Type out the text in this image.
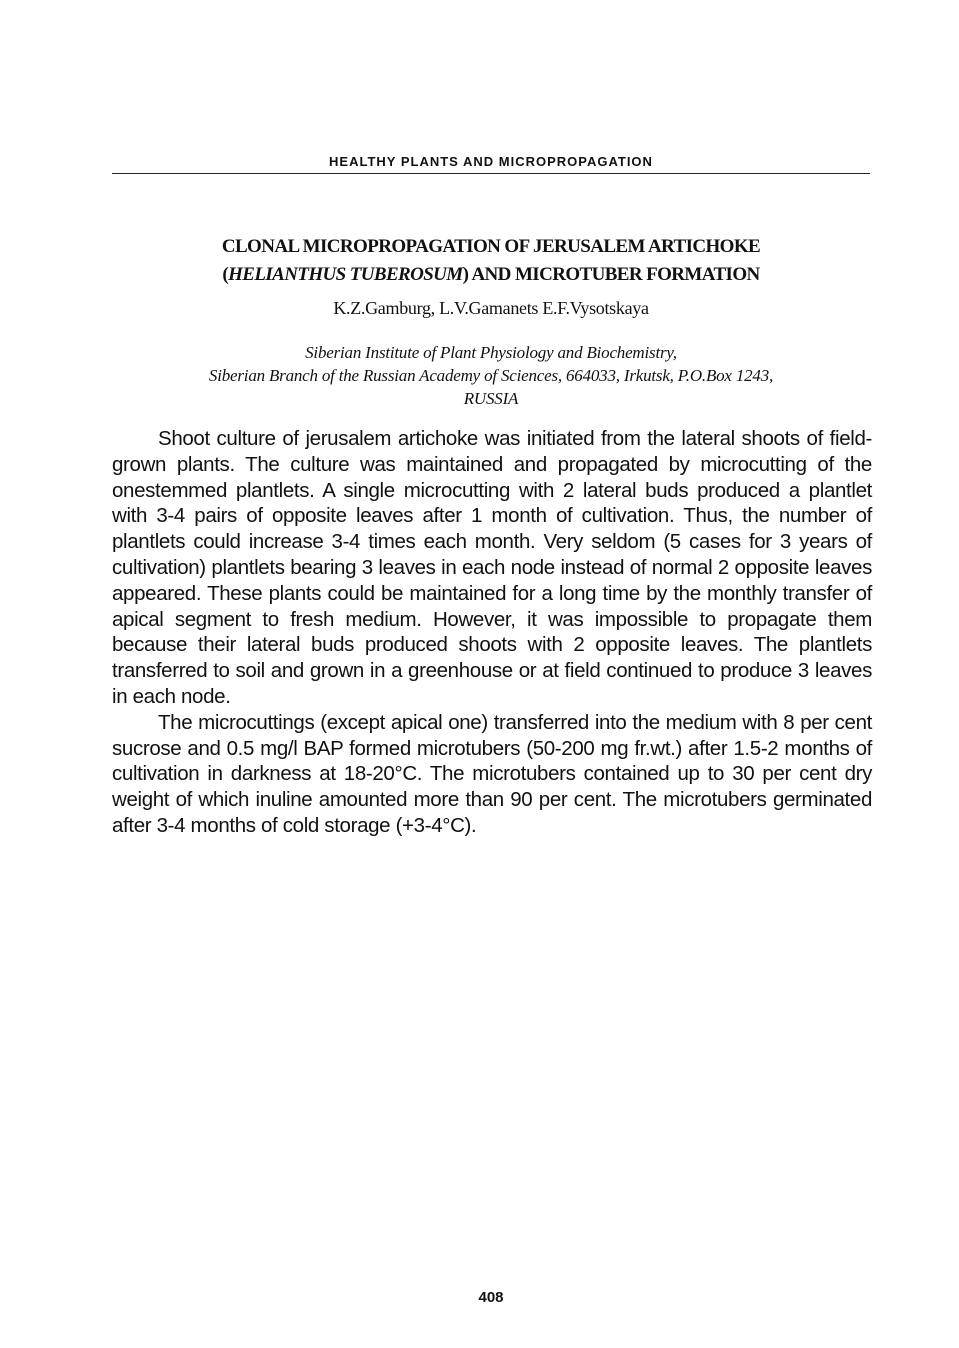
HEALTHY PLANTS AND MICROPROPAGATION
CLONAL MICROPROPAGATION OF JERUSALEM ARTICHOKE
(HELIANTHUS TUBEROSUM) AND MICROTUBER FORMATION
K.Z.Gamburg, L.V.Gamanets E.F.Vysotskaya
Siberian Institute of Plant Physiology and Biochemistry,
Siberian Branch of the Russian Academy of Sciences, 664033, Irkutsk, P.O.Box 1243,
RUSSIA

Shoot culture of jerusalem artichoke was initiated from the lateral shoots of field-grown plants. The culture was maintained and propagated by microcutting of the onestemmed plantlets. A single microcutting with 2 lateral buds produced a plantlet with 3-4 pairs of opposite leaves after 1 month of cultivation. Thus, the number of plantlets could increase 3-4 times each month. Very seldom (5 cases for 3 years of cultivation) plantlets bearing 3 leaves in each node instead of normal 2 opposite leaves appeared. These plants could be maintained for a long time by the monthly transfer of apical segment to fresh medium. However, it was impossible to propagate them because their lateral buds produced shoots with 2 opposite leaves. The plantlets transferred to soil and grown in a greenhouse or at field continued to produce 3 leaves in each node.

The microcuttings (except apical one) transferred into the medium with 8 per cent sucrose and 0.5 mg/l BAP formed microtubers (50-200 mg fr.wt.) after 1.5-2 months of cultivation in darkness at 18-20°C. The microtubers contained up to 30 per cent dry weight of which inuline amounted more than 90 per cent. The microtubers germinated after 3-4 months of cold storage (+3-4°C).

408
